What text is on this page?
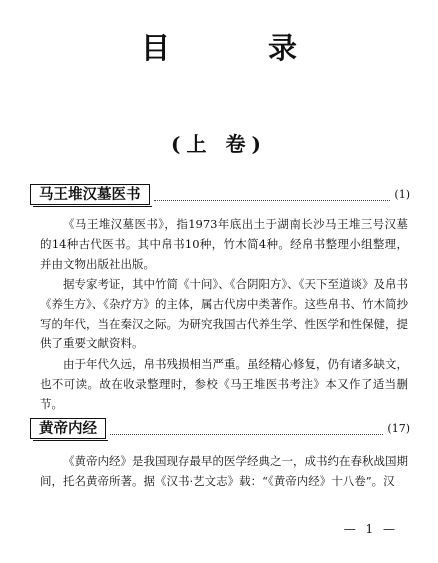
目 录
(上 卷)
马王堆汉墓医书	(1)
《马王堆汉墓医书》，指1973年底出土于湖南长沙马王堆三号汉墓的14种古代医书。其中帛书10种，竹木简4种。经帛书整理小组整理，并由文物出版社出版。
据专家考证，其中竹简《十问》、《合阴阳方》、《天下至道谈》及帛书《养生方》、《杂疗方》的主体，属古代房中类著作。这些帛书、竹木简抄写的年代，当在秦汉之际。为研究我国古代养生学、性医学和性保健，提供了重要文献资料。
由于年代久远，帛书残损相当严重。虽经精心修复，仍有诸多缺文，也不可读。故在收录整理时，参校《马王堆医书考注》本又作了适当删节。
黄帝内经	(17)
《黄帝内经》是我国现存最早的医学经典之一，成书约在春秋战国期间，托名黄帝所著。据《汉书·艺文志》载：“《黄帝内经》十八卷”。汉
— 1 —
